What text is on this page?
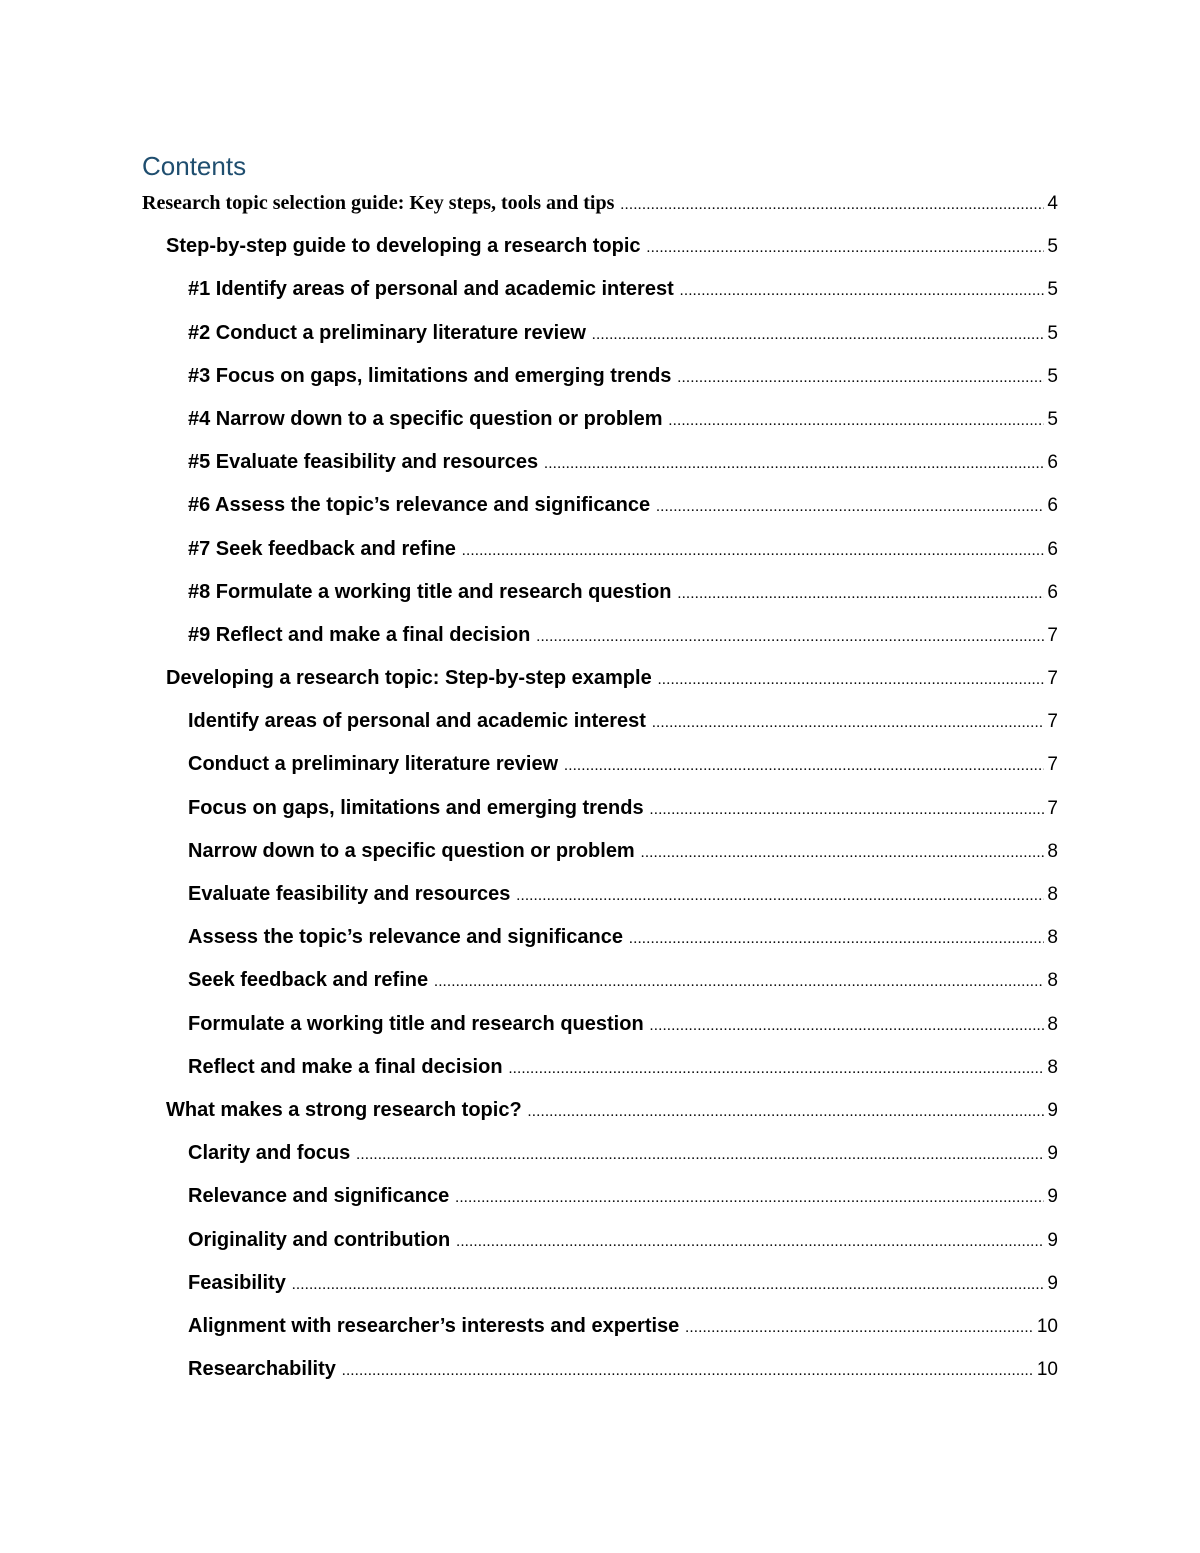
Contents
Research topic selection guide: Key steps, tools and tips .....	4
Step-by-step guide to developing a research topic .....	5
#1 Identify areas of personal and academic interest .....	5
#2 Conduct a preliminary literature review .....	5
#3 Focus on gaps, limitations and emerging trends .....	5
#4 Narrow down to a specific question or problem .....	5
#5 Evaluate feasibility and resources .....	6
#6 Assess the topic’s relevance and significance .....	6
#7 Seek feedback and refine .....	6
#8 Formulate a working title and research question .....	6
#9 Reflect and make a final decision .....	7
Developing a research topic: Step-by-step example .....	7
Identify areas of personal and academic interest .....	7
Conduct a preliminary literature review .....	7
Focus on gaps, limitations and emerging trends .....	7
Narrow down to a specific question or problem .....	8
Evaluate feasibility and resources .....	8
Assess the topic’s relevance and significance .....	8
Seek feedback and refine .....	8
Formulate a working title and research question .....	8
Reflect and make a final decision .....	8
What makes a strong research topic? .....	9
Clarity and focus .....	9
Relevance and significance .....	9
Originality and contribution .....	9
Feasibility .....	9
Alignment with researcher’s interests and expertise .....	10
Researchability .....	10
